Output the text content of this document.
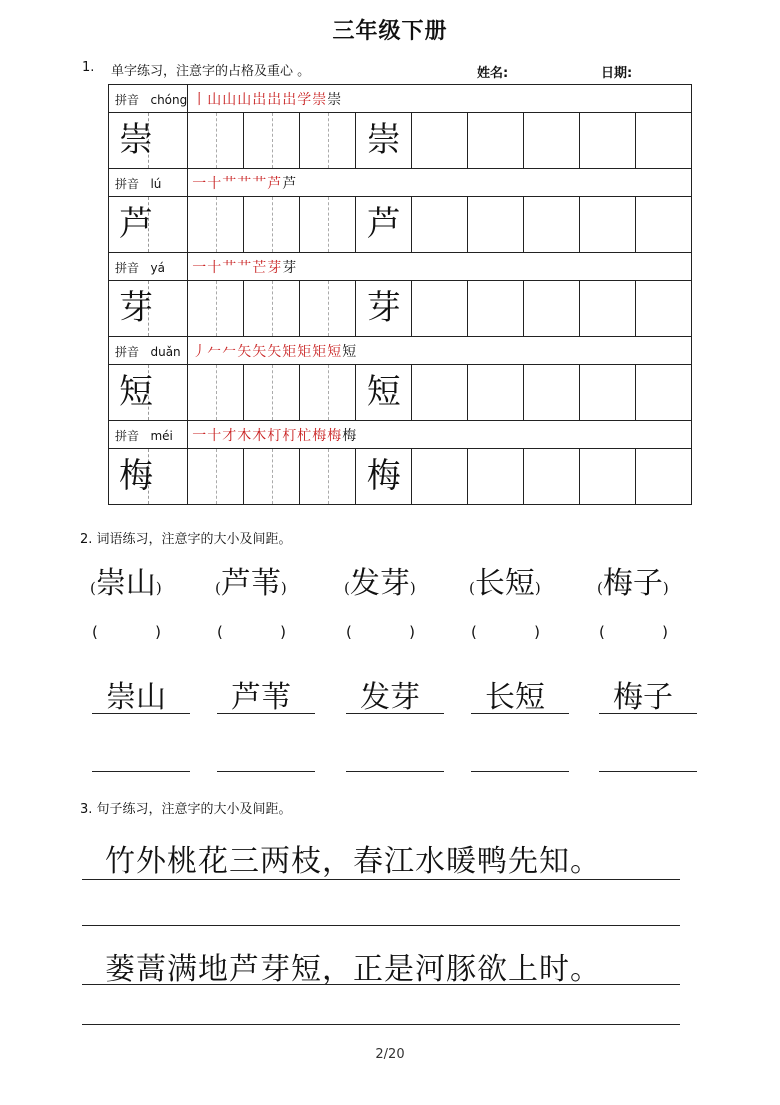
三年级下册
1. 单字练习，注意字的占格及重心 。	姓名:	日期:
拼音 chóng		丨山山山岀岀岀学崇崇								

崇					崇					

拼音 lú		一十艹艹艹芦芦								

芦					芦					

拼音 yá		一十艹艹芒芽芽								

芽					芽					

拼音 duǎn		丿𠂉𠂉矢矢矢矩矩矩短短								

短					短					

拼音 méi		一十才木木朾朾杧梅梅梅								

梅					梅					

2. 词语练习，注意字的大小及间距。
(崇山)
(            )
(芦苇)
(            )
(发芽)
(            )
(长短)
(            )
(梅子)
(            )
崇山 芦苇 发芽 长短 梅子
3. 句子练习，注意字的大小及间距。
竹外桃花三两枝，春江水暖鸭先知。
蒌蒿满地芦芽短，正是河豚欲上时。
2/20
